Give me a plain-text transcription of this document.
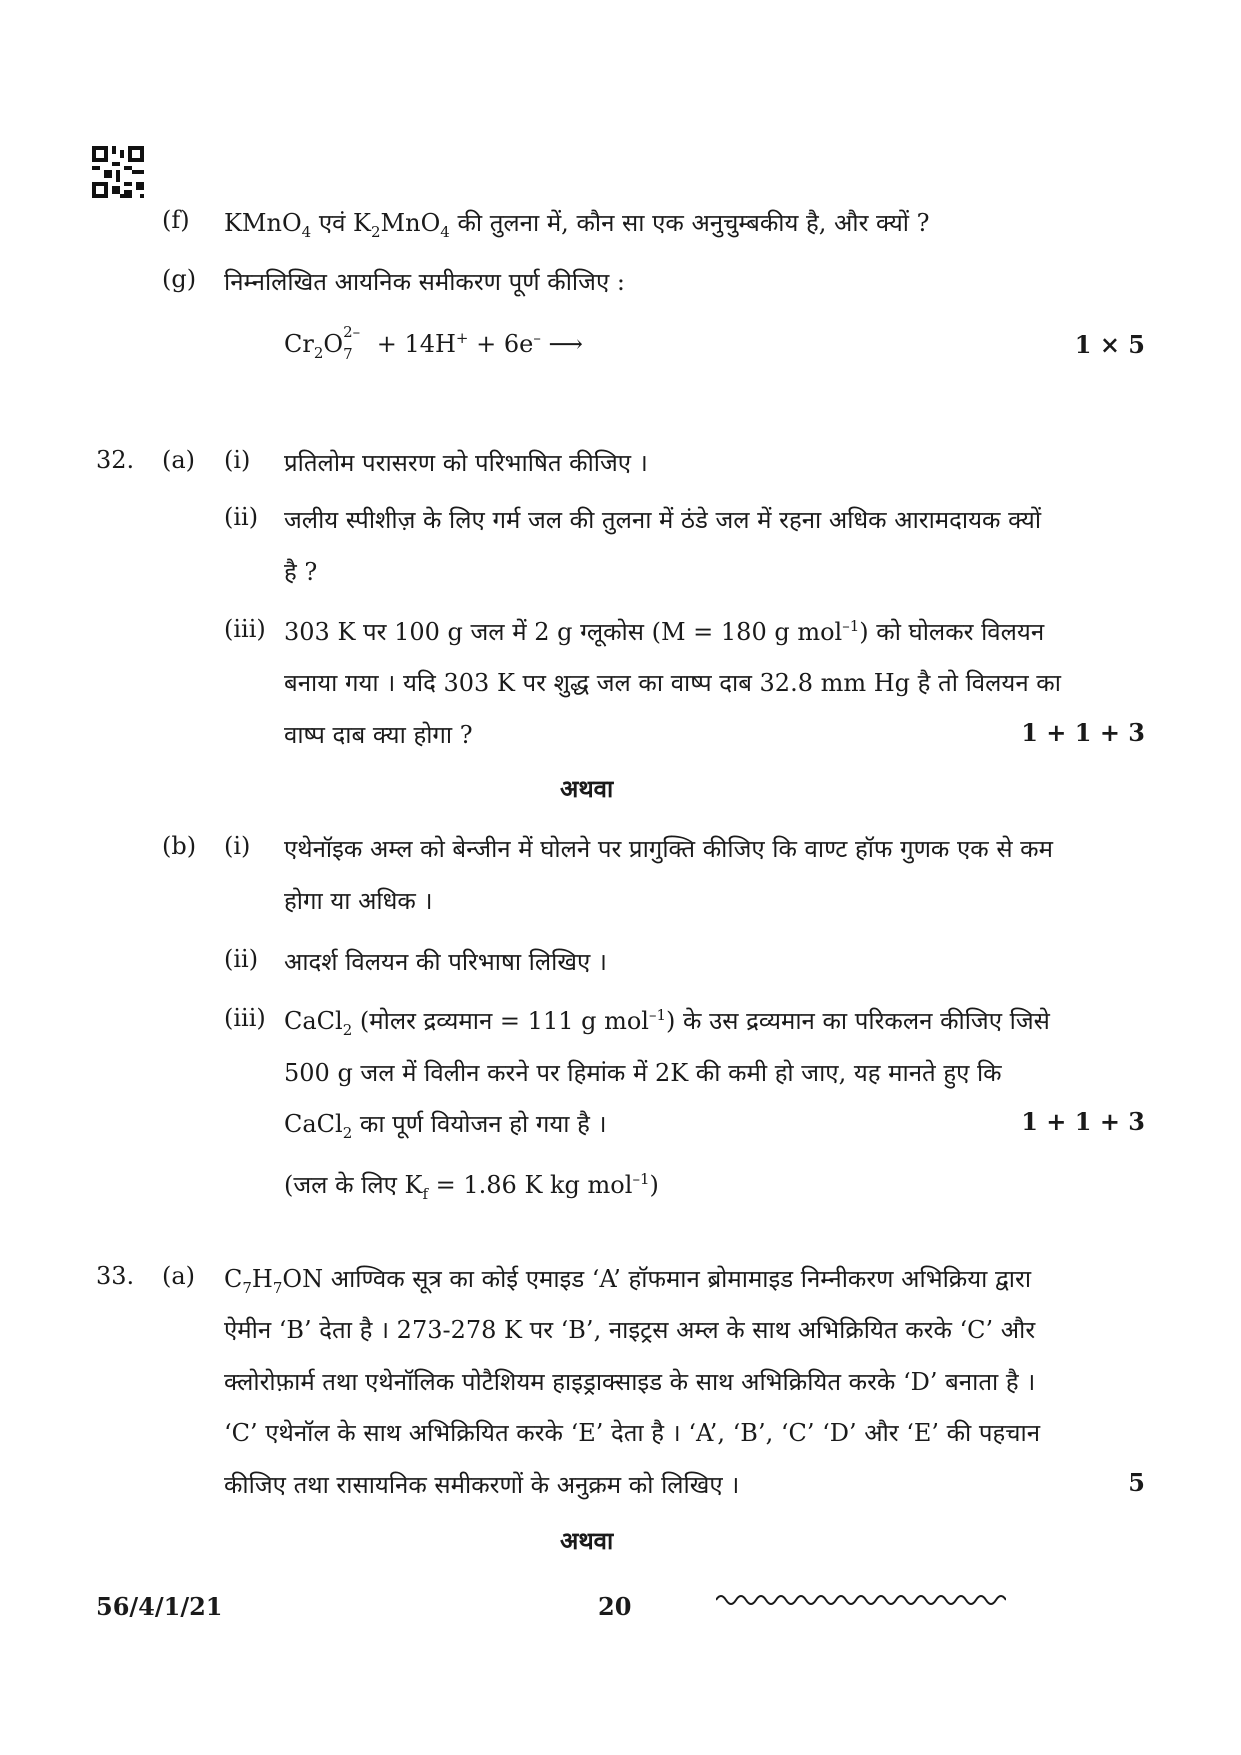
(f) KMnO$_4$ एवं $K_2MnO_4$ की तुलना में, कौन सा एक अनुचुम्बकीय है, और क्यों ?
(g) निम्नलिखित आयनिक समीकरण पूर्ण कीजिए :
$Cr_2O$ 2–
7 + 14H+ + 6e– ⟶	1 × 5
32. (a) (i) प्रतिलोम परासरण को परिभाषित कीजिए ।
(ii) जलीय स्पीशीज़ के लिए गर्म जल की तुलना में ठंडे जल में रहना अधिक आरामदायक क्यों
है ?
(iii) 303 K पर 100 g जल में 2 g ग्लूकोस (M = 180 g mol$^{-1}$) को घोलकर विलयन
बनाया गया । यदि 303 K पर शुद्ध जल का वाष्प दाब 32.8 mm Hg है तो विलयन का
वाष्प दाब क्या होगा ?	1 + 1 + 3
अथवा
(b) (i) एथेनॉइक अम्ल को बेन्जीन में घोलने पर प्रागुक्ति कीजिए कि वाण्ट हॉफ गुणक एक से कम
होगा या अधिक ।
(ii) आदर्श विलयन की परिभाषा लिखिए ।
(iii) CaCl$_2$ (मोलर द्रव्यमान = 111 g mol$^{-1}$) के उस द्रव्यमान का परिकलन कीजिए जिसे
500 g जल में विलीन करने पर हिमांक में 2K की कमी हो जाए, यह मानते हुए कि
CaCl$_2$ का पूर्ण वियोजन हो गया है ।	1 + 1 + 3
(जल के लिए $K_f = 1.86$ K kg mol$^{-1}$)
33. (a) $C_7H_7ON$ आण्विक सूत्र का कोई एमाइड ‘A’ हॉफमान ब्रोमामाइड निम्नीकरण अभिक्रिया द्वारा
ऐमीन ‘B’ देता है । 273-278 K पर ‘B’, नाइट्रस अम्ल के साथ अभिक्रियित करके ‘C’ और
क्लोरोफ़ार्म तथा एथेनॉलिक पोटैशियम हाइड्राक्साइड के साथ अभिक्रियित करके ‘D’ बनाता है ।
‘C’ एथेनॉल के साथ अभिक्रियित करके ‘E’ देता है । ‘A’, ‘B’, ‘C’ ‘D’ और ‘E’ की पहचान
कीजिए तथा रासायनिक समीकरणों के अनुक्रम को लिखिए ।	5
अथवा
56/4/1/21	20
